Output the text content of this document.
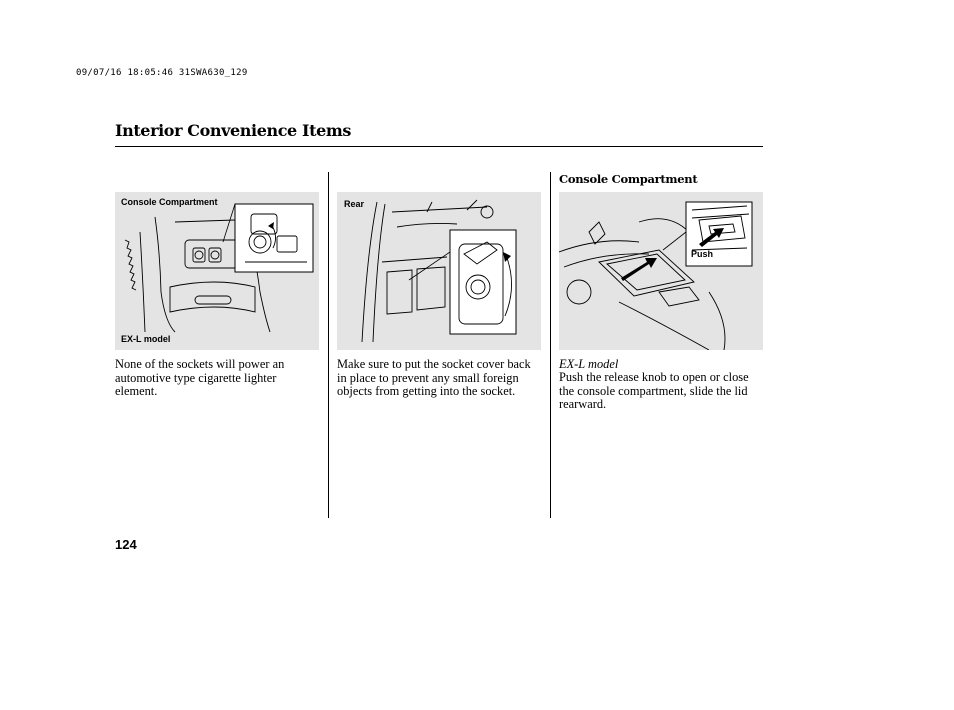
09/07/16 18:05:46 31SWA630_129
Interior Convenience Items
Console Compartment
EX-L model
Rear
Console Compartment
Push
None of the sockets will power an automotive type cigarette lighter element.
Make sure to put the socket cover back in place to prevent any small foreign objects from getting into the socket.
EX-L model
Push the release knob to open or close the console compartment, slide the lid rearward.
124
